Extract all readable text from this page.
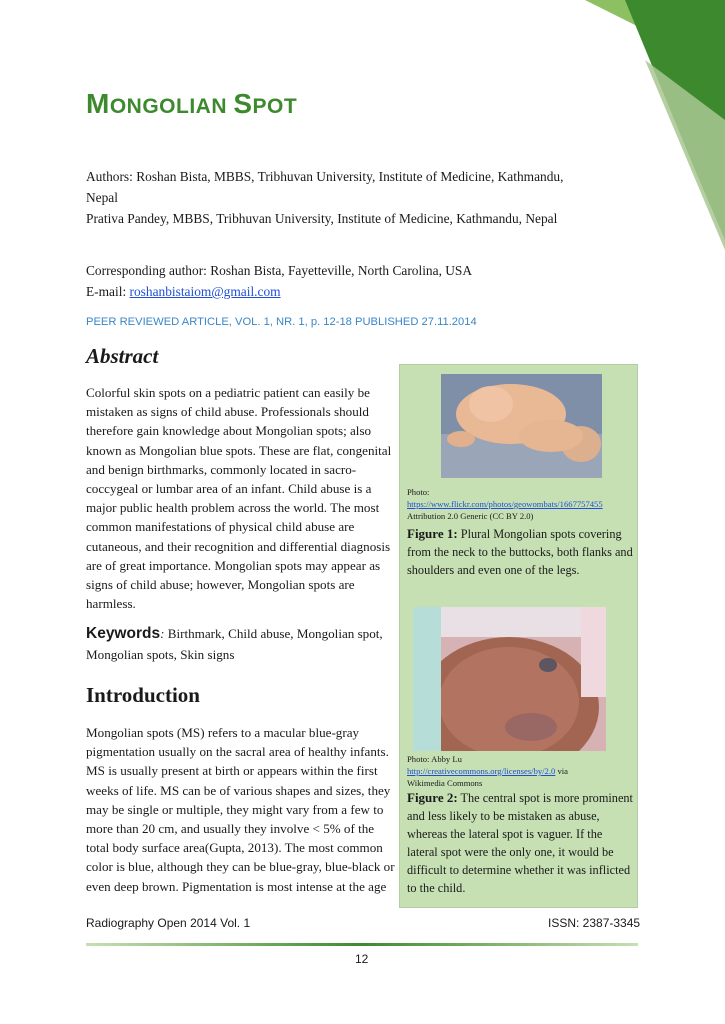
MONGOLIAN SPOT
Authors: Roshan Bista, MBBS, Tribhuvan University, Institute of Medicine, Kathmandu, Nepal
Prativa Pandey, MBBS, Tribhuvan University, Institute of Medicine, Kathmandu, Nepal
Corresponding author: Roshan Bista, Fayetteville, North Carolina, USA
E-mail: roshanbistaiom@gmail.com
PEER REVIEWED ARTICLE, VOL. 1, NR. 1, p. 12-18 PUBLISHED 27.11.2014
Abstract
Colorful skin spots on a pediatric patient can easily be mistaken as signs of child abuse. Professionals should therefore gain knowledge about Mongolian spots; also known as Mongolian blue spots. These are flat, congenital and benign birthmarks, commonly located in sacro-coccygeal or lumbar area of an infant. Child abuse is a major public health problem across the world. The most common manifestations of physical child abuse are cutaneous, and their recognition and differential diagnosis are of great importance. Mongolian spots may appear as signs of child abuse; however, Mongolian spots are harmless.
Keywords: Birthmark, Child abuse, Mongolian spot, Mongolian spots, Skin signs
Introduction
Mongolian spots (MS) refers to a macular blue-gray pigmentation usually on the sacral area of healthy infants. MS is usually present at birth or appears within the first weeks of life. MS can be of various shapes and sizes, they may be single or multiple, they might vary from a few to more than 20 cm, and usually they involve < 5% of the total body surface area(Gupta, 2013). The most common color is blue, although they can be blue-gray, blue-black or even deep brown. Pigmentation is most intense at the age
Photo:
https://www.flickr.com/photos/geowombats/1667757455
Attribution 2.0 Generic (CC BY 2.0)
Figure 1: Plural Mongolian spots covering from the neck to the buttocks, both flanks and shoulders and even one of the legs.
Photo: Abby Lu
http://creativecommons.org/licenses/by/2.0 via
Wikimedia Commons
Figure 2: The central spot is more prominent and less likely to be mistaken as abuse, whereas the lateral spot is vaguer. If the lateral spot were the only one, it would be difficult to determine whether it was inflicted to the child.
Radiography Open 2014 Vol. 1	ISSN: 2387-3345
12
